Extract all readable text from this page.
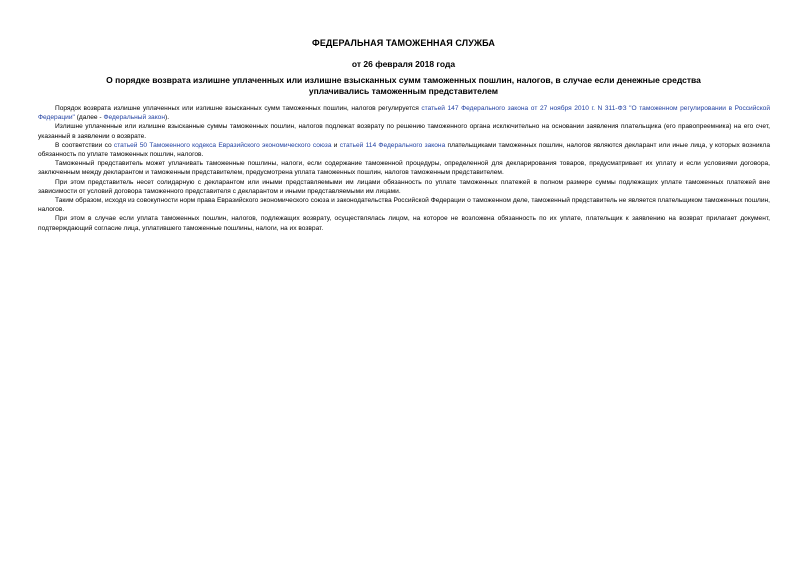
ФЕДЕРАЛЬНАЯ ТАМОЖЕННАЯ СЛУЖБА
от 26 февраля 2018 года
О порядке возврата излишне уплаченных или излишне взысканных сумм таможенных пошлин, налогов, в случае если денежные средства уплачивались таможенным представителем

Порядок возврата излишне уплаченных или излишне взысканных сумм таможенных пошлин, налогов регулируется статьей 147 Федерального закона от 27 ноября 2010 г. N 311-ФЗ "О таможенном регулировании в Российской Федерации" (далее - Федеральный закон).

Излишне уплаченные или излишне взысканные суммы таможенных пошлин, налогов подлежат возврату по решению таможенного органа исключительно на основании заявления плательщика (его правопреемника) на его счет, указанный в заявлении о возврате.

В соответствии со статьей 50 Таможенного кодекса Евразийского экономического союза и статьей 114 Федерального закона плательщиками таможенных пошлин, налогов являются декларант или иные лица, у которых возникла обязанность по уплате таможенных пошлин, налогов.

Таможенный представитель может уплачивать таможенные пошлины, налоги, если содержание таможенной процедуры, определенной для декларирования товаров, предусматривает их уплату и если условиями договора, заключенным между декларантом и таможенным представителем, предусмотрена уплата таможенных пошлин, налогов таможенным представителем.

При этом представитель несет солидарную с декларантом или иными представляемыми им лицами обязанность по уплате таможенных платежей в полном размере суммы подлежащих уплате таможенных платежей вне зависимости от условий договора таможенного представителя с декларантом и иными представляемыми им лицами.

Таким образом, исходя из совокупности норм права Евразийского экономического союза и законодательства Российской Федерации о таможенном деле, таможенный представитель не является плательщиком таможенных пошлин, налогов.

При этом в случае если уплата таможенных пошлин, налогов, подлежащих возврату, осуществлялась лицом, на которое не возложена обязанность по их уплате, плательщик к заявлению на возврат прилагает документ, подтверждающий согласие лица, уплатившего таможенные пошлины, налоги, на их возврат.
